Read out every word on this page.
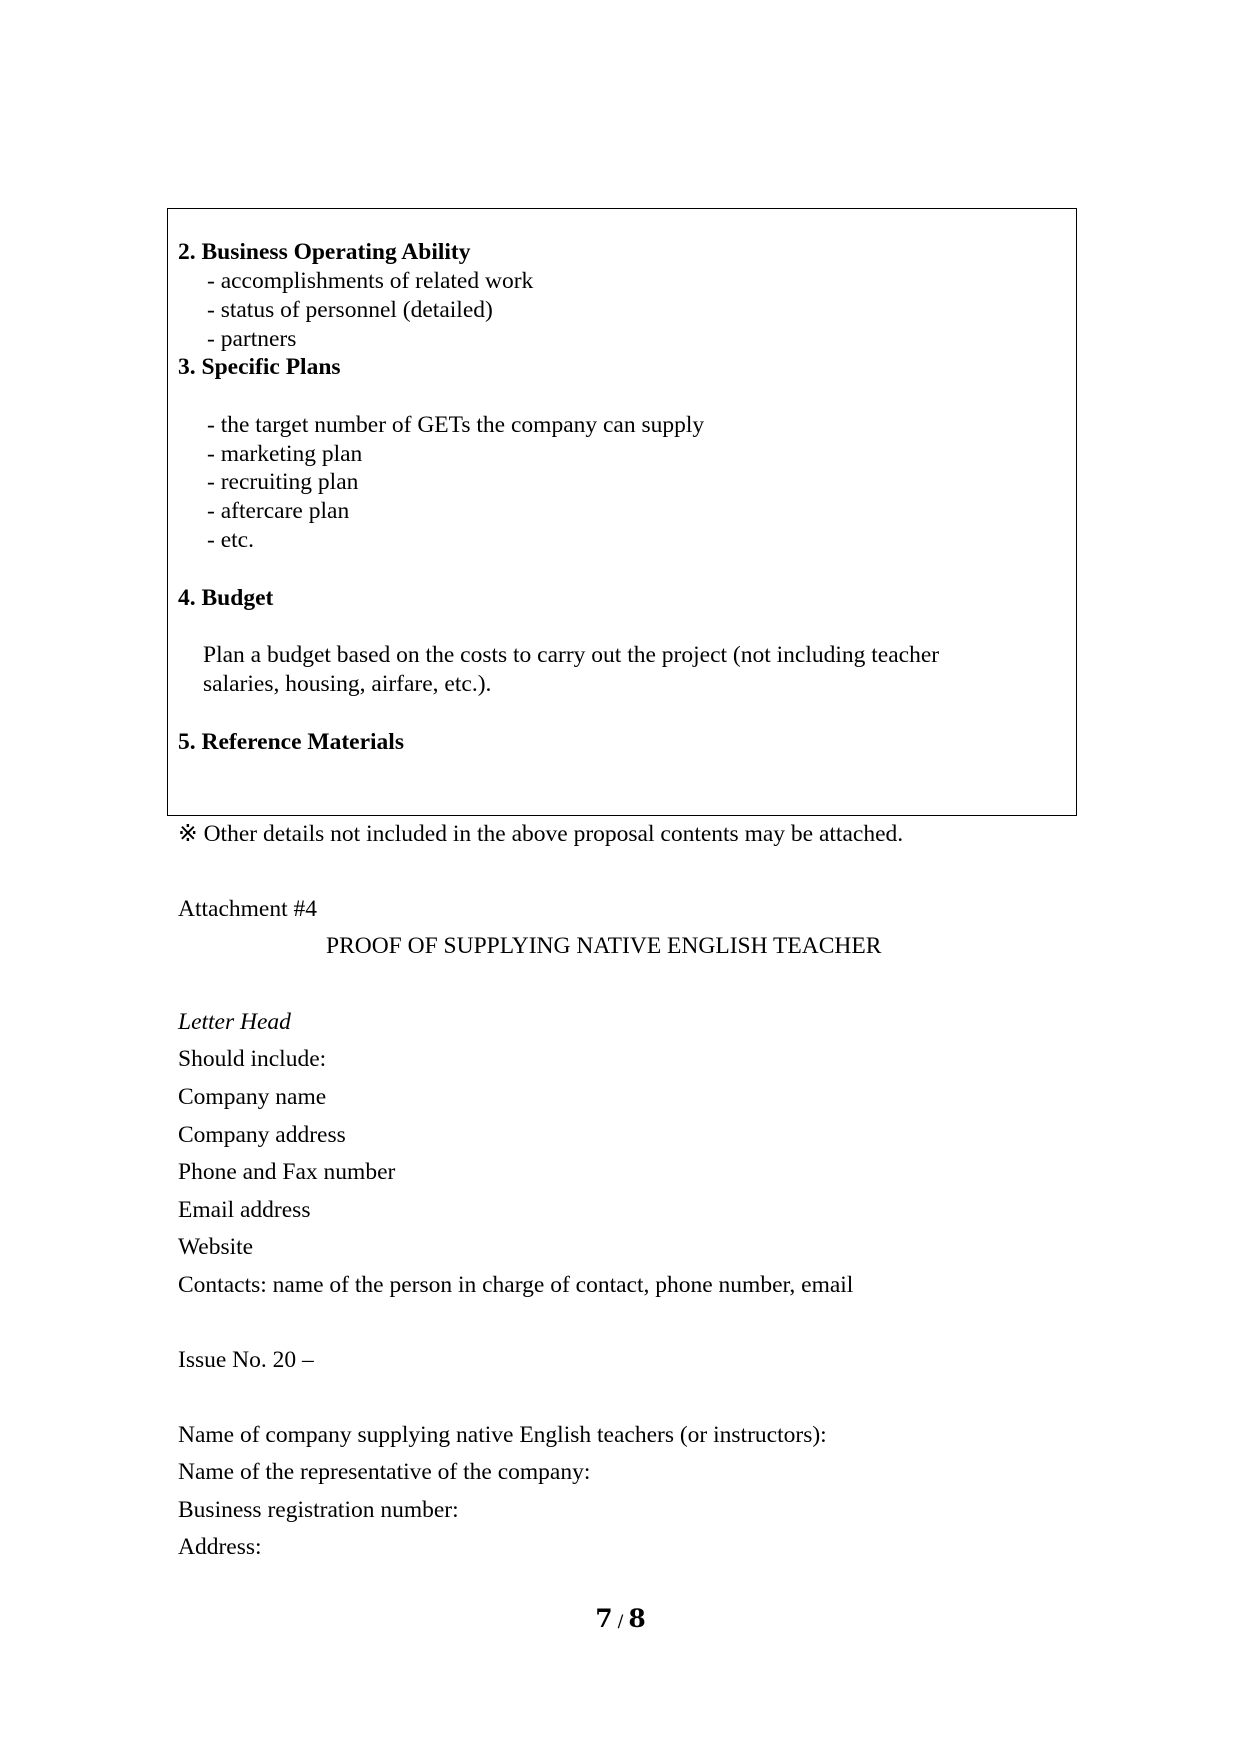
2. Business Operating Ability
- accomplishments of related work
- status of personnel (detailed)
- partners
3. Specific Plans
- the target number of GETs the company can supply
- marketing plan
- recruiting plan
- aftercare plan
- etc.
4. Budget
Plan a budget based on the costs to carry out the project (not including teacher
salaries, housing, airfare, etc.).
5. Reference Materials
※ Other details not included in the above proposal contents may be attached.
Attachment #4
PROOF OF SUPPLYING NATIVE ENGLISH TEACHER
Letter Head
Should include:
Company name
Company address
Phone and Fax number
Email address
Website
Contacts: name of the person in charge of contact, phone number, email
Issue No. 20 –
Name of company supplying native English teachers (or instructors):
Name of the representative of the company:
Business registration number:
Address:
7 / 8
